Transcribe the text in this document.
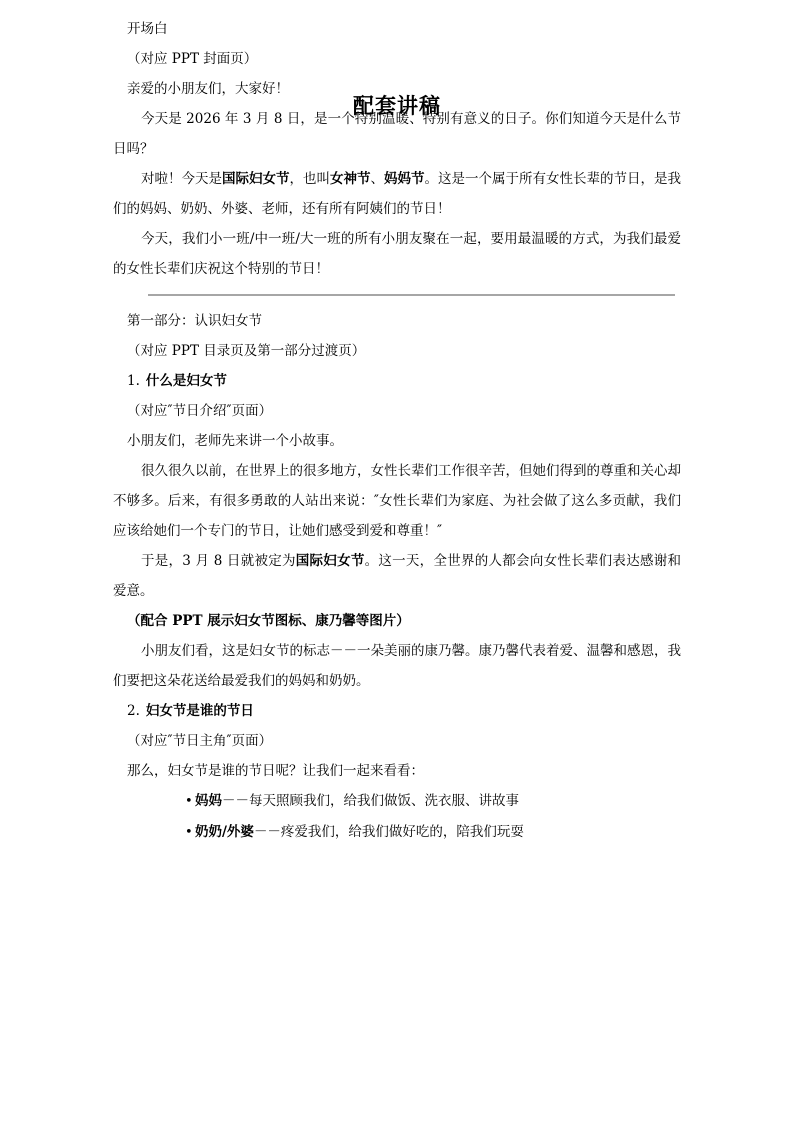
配套讲稿

开场白

（对应 PPT 封面页）

亲爱的小朋友们，大家好！

今天是 2026 年 3 月 8 日，是一个特别温暖、特别有意义的日子。你们知道今天是什么节日吗？

对啦！今天是国际妇女节，也叫女神节、妈妈节。这是一个属于所有女性长辈的节日，是我们的妈妈、奶奶、外婆、老师，还有所有阿姨们的节日！

今天，我们小一班/中一班/大一班的所有小朋友聚在一起，要用最温暖的方式，为我们最爱的女性长辈们庆祝这个特别的节日！

第一部分：认识妇女节

（对应 PPT 目录页及第一部分过渡页）

1. 什么是妇女节

（对应″节日介绍″页面）

小朋友们，老师先来讲一个小故事。

很久很久以前，在世界上的很多地方，女性长辈们工作很辛苦，但她们得到的尊重和关心却不够多。后来，有很多勇敢的人站出来说：″女性长辈们为家庭、为社会做了这么多贡献，我们应该给她们一个专门的节日，让她们感受到爱和尊重！″

于是，3 月 8 日就被定为国际妇女节。这一天，全世界的人都会向女性长辈们表达感谢和爱意。

（配合 PPT 展示妇女节图标、康乃馨等图片）

小朋友们看，这是妇女节的标志－－一朵美丽的康乃馨。康乃馨代表着爱、温馨和感恩，我们要把这朵花送给最爱我们的妈妈和奶奶。

2. 妇女节是谁的节日

（对应″节日主角″页面）

那么，妇女节是谁的节日呢？让我们一起来看看：

• 妈妈－－每天照顾我们，给我们做饭、洗衣服、讲故事
• 奶奶/外婆－－疼爱我们，给我们做好吃的，陪我们玩耍
